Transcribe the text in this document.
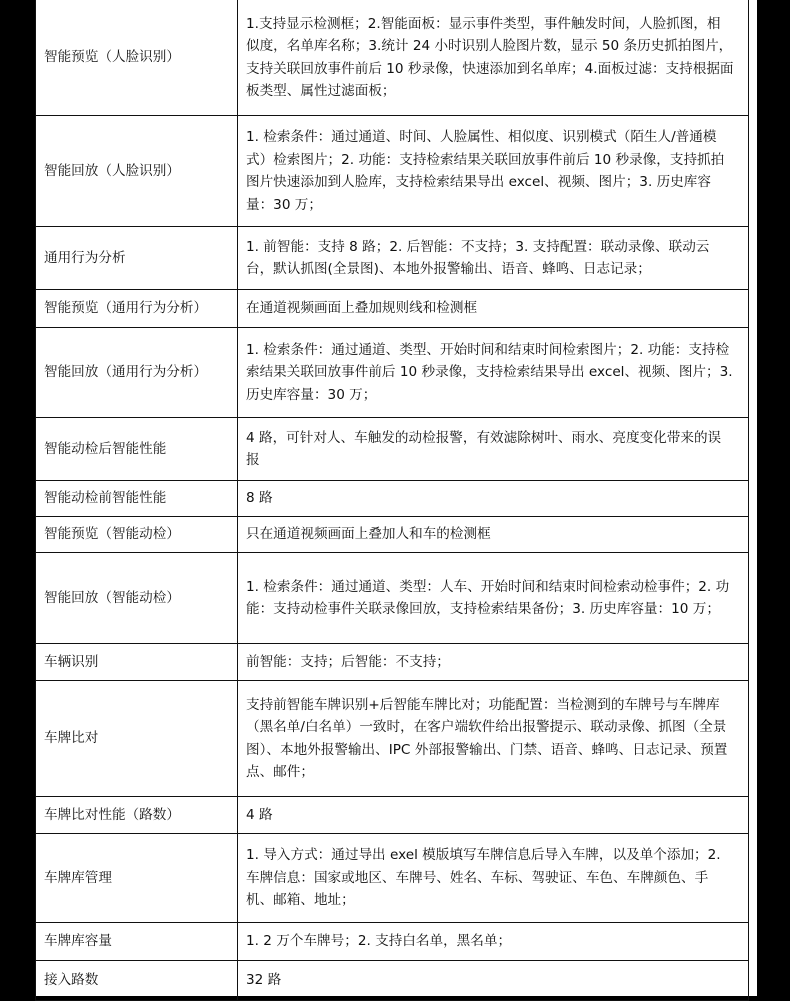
智能预览（人脸识别）	1.支持显示检测框；2.智能面板：显示事件类型，事件触发时间，人脸抓图，相似度，名单库名称；3.统计 24 小时识别人脸图片数，显示 50 条历史抓拍图片，支持关联回放事件前后 10 秒录像，快速添加到名单库；4.面板过滤：支持根据面板类型、属性过滤面板；
智能回放（人脸识别）	1. 检索条件：通过通道、时间、人脸属性、相似度、识别模式（陌生人/普通模式）检索图片；2. 功能：支持检索结果关联回放事件前后 10 秒录像，支持抓拍图片快速添加到人脸库，支持检索结果导出 excel、视频、图片；3. 历史库容量：30 万；
通用行为分析	1. 前智能：支持 8 路；2. 后智能：不支持；3. 支持配置：联动录像、联动云台，默认抓图(全景图)、本地外报警输出、语音、蜂鸣、日志记录；
智能预览（通用行为分析）	在通道视频画面上叠加规则线和检测框
智能回放（通用行为分析）	1. 检索条件：通过通道、类型、开始时间和结束时间检索图片；2. 功能：支持检索结果关联回放事件前后 10 秒录像，支持检索结果导出 excel、视频、图片；3. 历史库容量：30 万；
智能动检后智能性能	4 路，可针对人、车触发的动检报警，有效滤除树叶、雨水、亮度变化带来的误报
智能动检前智能性能	8 路
智能预览（智能动检）	只在通道视频画面上叠加人和车的检测框
智能回放（智能动检）	1. 检索条件：通过通道、类型：人车、开始时间和结束时间检索动检事件；2. 功能：支持动检事件关联录像回放，支持检索结果备份；3. 历史库容量：10 万；
车辆识别	前智能：支持；后智能：不支持；
车牌比对	支持前智能车牌识别+后智能车牌比对；功能配置：当检测到的车牌号与车牌库（黑名单/白名单）一致时，在客户端软件给出报警提示、联动录像、抓图（全景图）、本地外报警输出、IPC 外部报警输出、门禁、语音、蜂鸣、日志记录、预置点、邮件；
车牌比对性能（路数）	4 路
车牌库管理	1. 导入方式：通过导出 exel 模版填写车牌信息后导入车牌，以及单个添加；2. 车牌信息：国家或地区、车牌号、姓名、车标、驾驶证、车色、车牌颜色、手机、邮箱、地址；
车牌库容量	1. 2 万个车牌号；2. 支持白名单，黑名单；
接入路数	32 路
